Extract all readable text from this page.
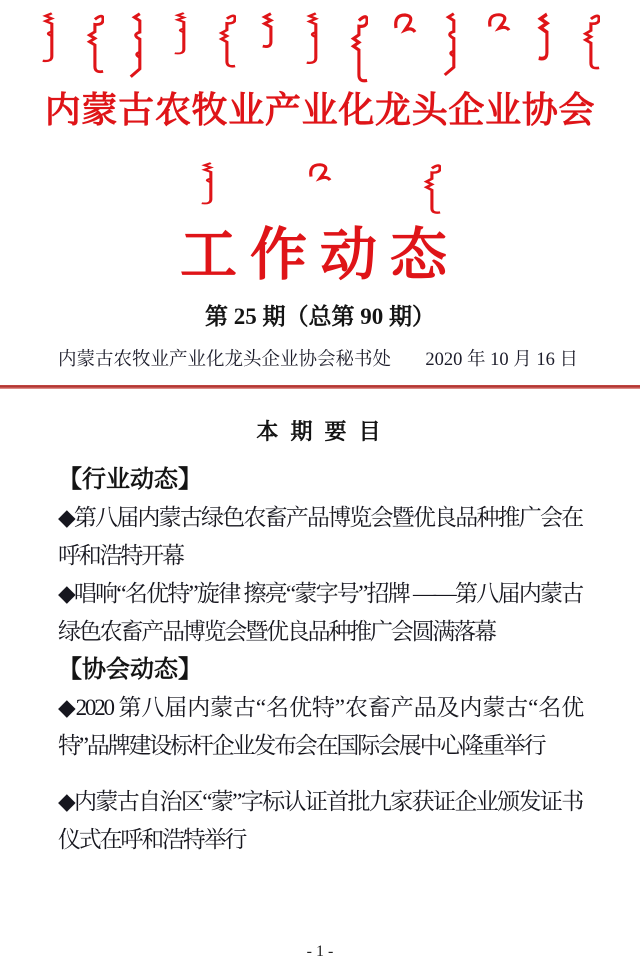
内蒙古农牧业产业化龙头企业协会
工作动态
第 25 期（总第 90 期）
内蒙古农牧业产业化龙头企业协会秘书处 2020 年 10 月 16 日
本 期 要 目

【行业动态】

◆第八届内蒙古绿色农畜产品博览会暨优良品种推广会在呼和浩特开幕

◆唱响“名优特”旋律 擦亮“蒙字号”招牌 ——第八届内蒙古绿色农畜产品博览会暨优良品种推广会圆满落幕

【协会动态】

◆2020 第八届内蒙古“名优特”农畜产品及内蒙古“名优特”品牌建设标杆企业发布会在国际会展中心隆重举行

◆内蒙古自治区“蒙”字标认证首批九家获证企业颁发证书仪式在呼和浩特举行

- 1 -
